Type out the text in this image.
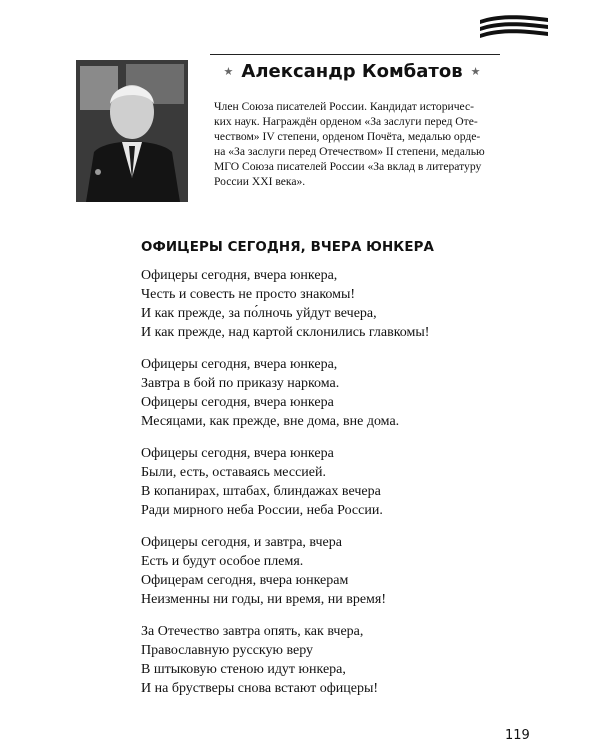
★ Александр Комбатов ★
Член Союза писателей России. Кандидат историчес-
ких наук. Награждён орденом «За заслуги перед Оте-
чеством» IV степени, орденом Почёта, медалью орде-
на «За заслуги перед Отечеством» II степени, медалью
МГО Союза писателей России «За вклад в литературу
России XXI века».
ОФИЦЕРЫ СЕГОДНЯ, ВЧЕРА ЮНКЕРА
Офицеры сегодня, вчера юнкера,
Честь и совесть не просто знакомы!
И как прежде, за по́лночь уйдут вечера,
И как прежде, над картой склонились главкомы!
Офицеры сегодня, вчера юнкера,
Завтра в бой по приказу наркома.
Офицеры сегодня, вчера юнкера
Месяцами, как прежде, вне дома, вне дома.
Офицеры сегодня, вчера юнкера
Были, есть, оставаясь мессией.
В копанирах, штабах, блиндажах вечера
Ради мирного неба России, неба России.
Офицеры сегодня, и завтра, вчера
Есть и будут особое племя.
Офицерам сегодня, вчера юнкерам
Неизменны ни годы, ни время, ни время!
За Отечество завтра опять, как вчера,
Православную русскую веру
В штыковую стеною идут юнкера,
И на брустверы снова встают офицеры!
119
